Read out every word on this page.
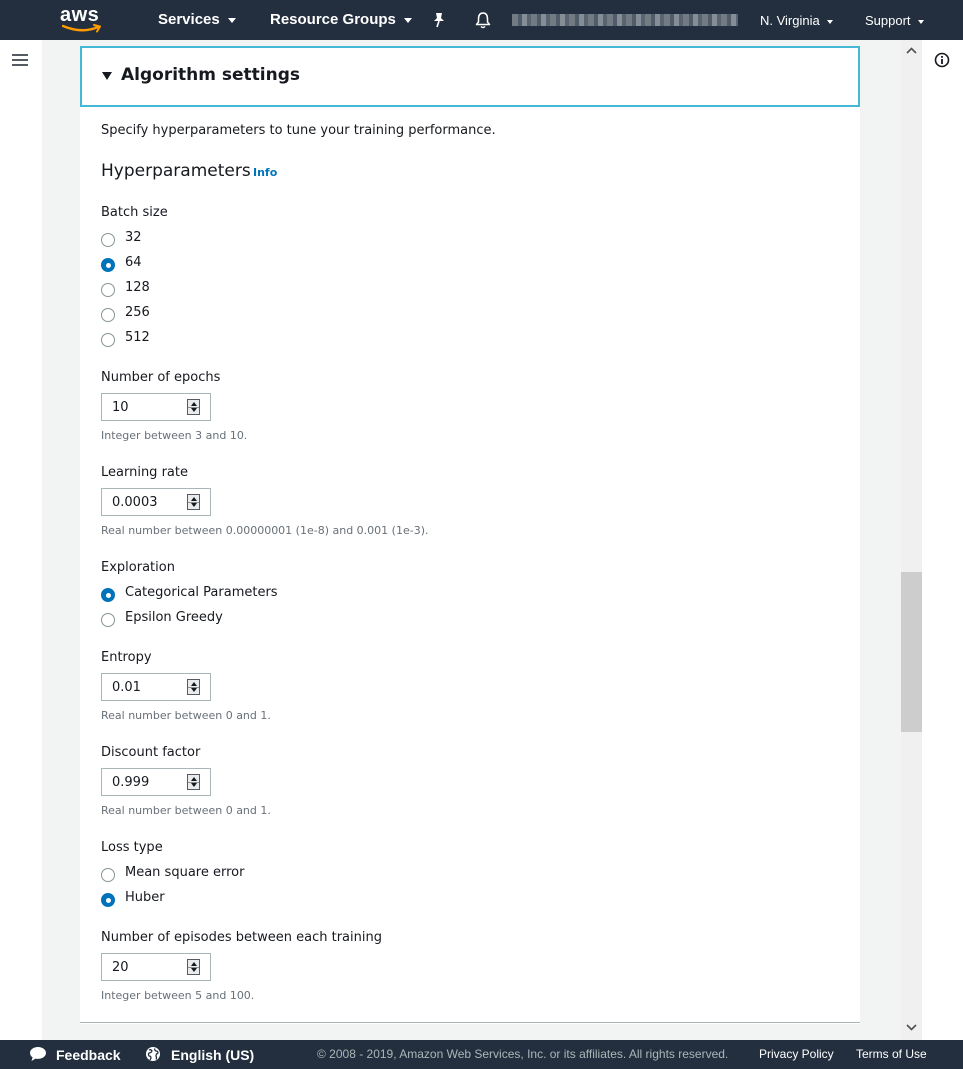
aws	Services	Resource Groups	N. Virginia	Support
Algorithm settings
Specify hyperparameters to tune your training performance.
Hyperparameters Info
Batch size
32
64
128
256
512
Number of epochs
10
Integer between 3 and 10.
Learning rate
0.0003
Real number between 0.00000001 (1e-8) and 0.001 (1e-3).
Exploration
Categorical Parameters
Epsilon Greedy
Entropy
0.01
Real number between 0 and 1.
Discount factor
0.999
Real number between 0 and 1.
Loss type
Mean square error
Huber
Number of episodes between each training
20
Integer between 5 and 100.
Feedback	English (US)	© 2008 - 2019, Amazon Web Services, Inc. or its affiliates. All rights reserved.	Privacy Policy Terms of Use
